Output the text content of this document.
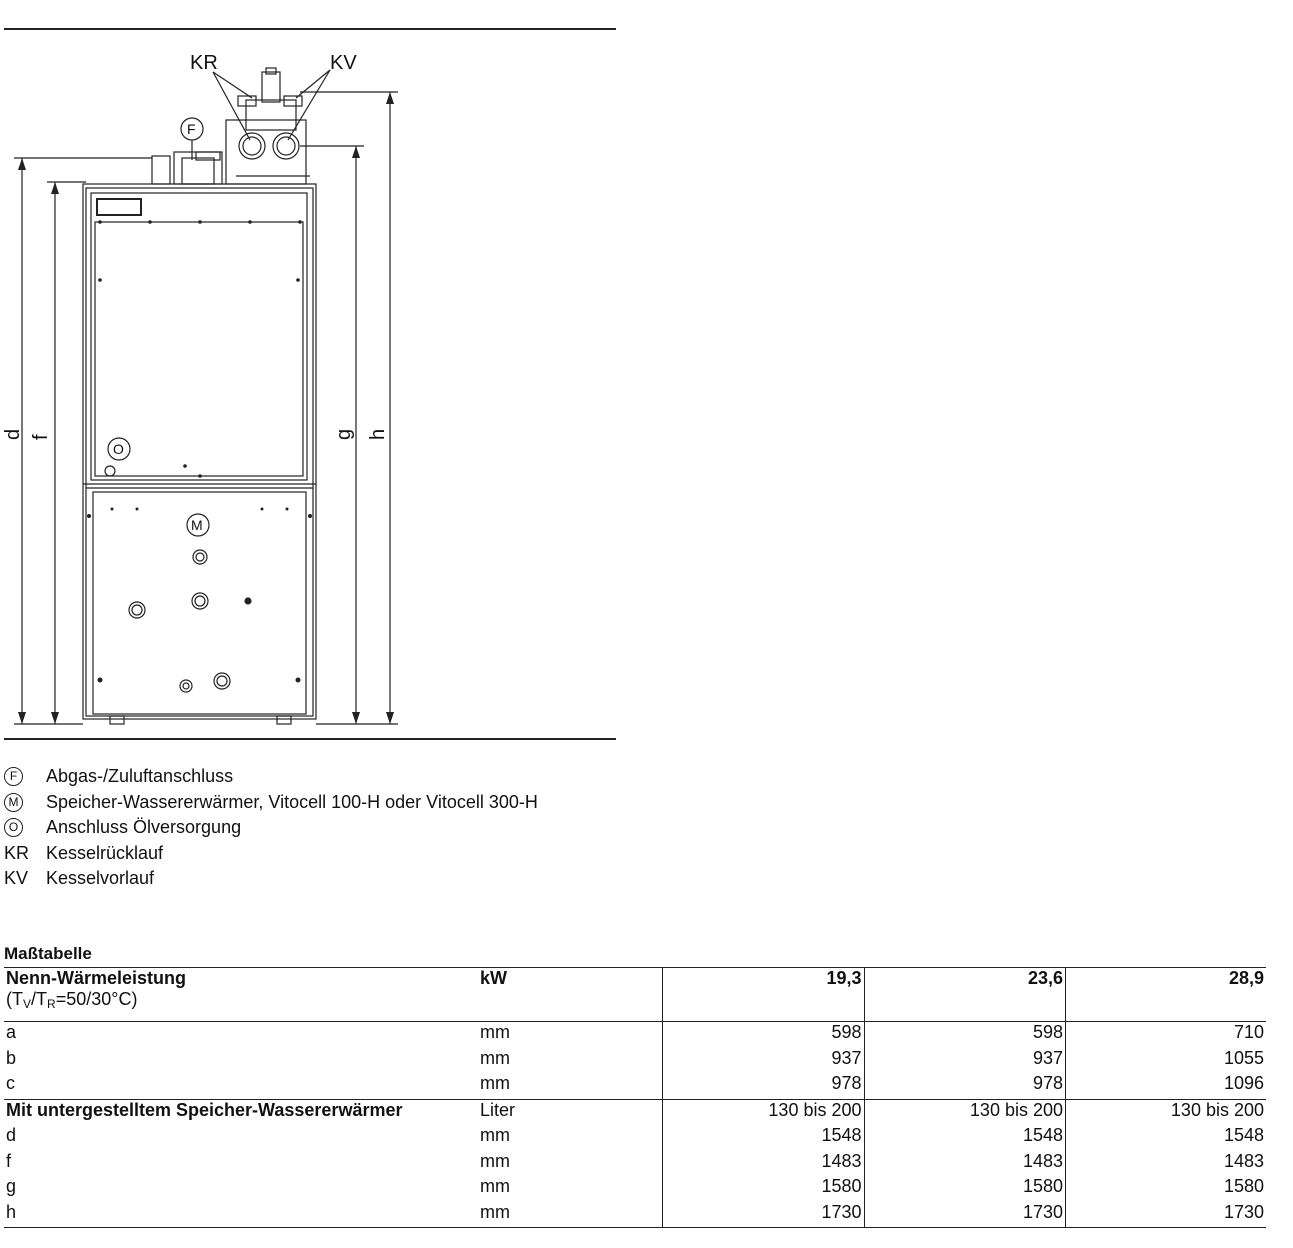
KR	KV
F
O
M
d f	g h
F	Abgas-/Zuluftanschluss
M Speicher-Wassererwärmer, Vitocell 100-H oder Vitocell 300-H
O Anschluss Ölversorgung
KR Kesselrücklauf
KV Kesselvorlauf
Maßtabelle
Nenn-Wärmeleistung
$(T_V/T_R=50/30^\circ C)$	kW	19,3	23,6	28,9
a	mm	598	598	710
b	mm	937	937	1055
c	mm	978	978	1096
Mit untergestelltem Speicher-Wassererwärmer	Liter	130 bis 200	130 bis 200	130 bis 200
d	mm	1548	1548	1548
f	mm	1483	1483	1483
g	mm	1580	1580	1580
h	mm	1730	1730	1730
